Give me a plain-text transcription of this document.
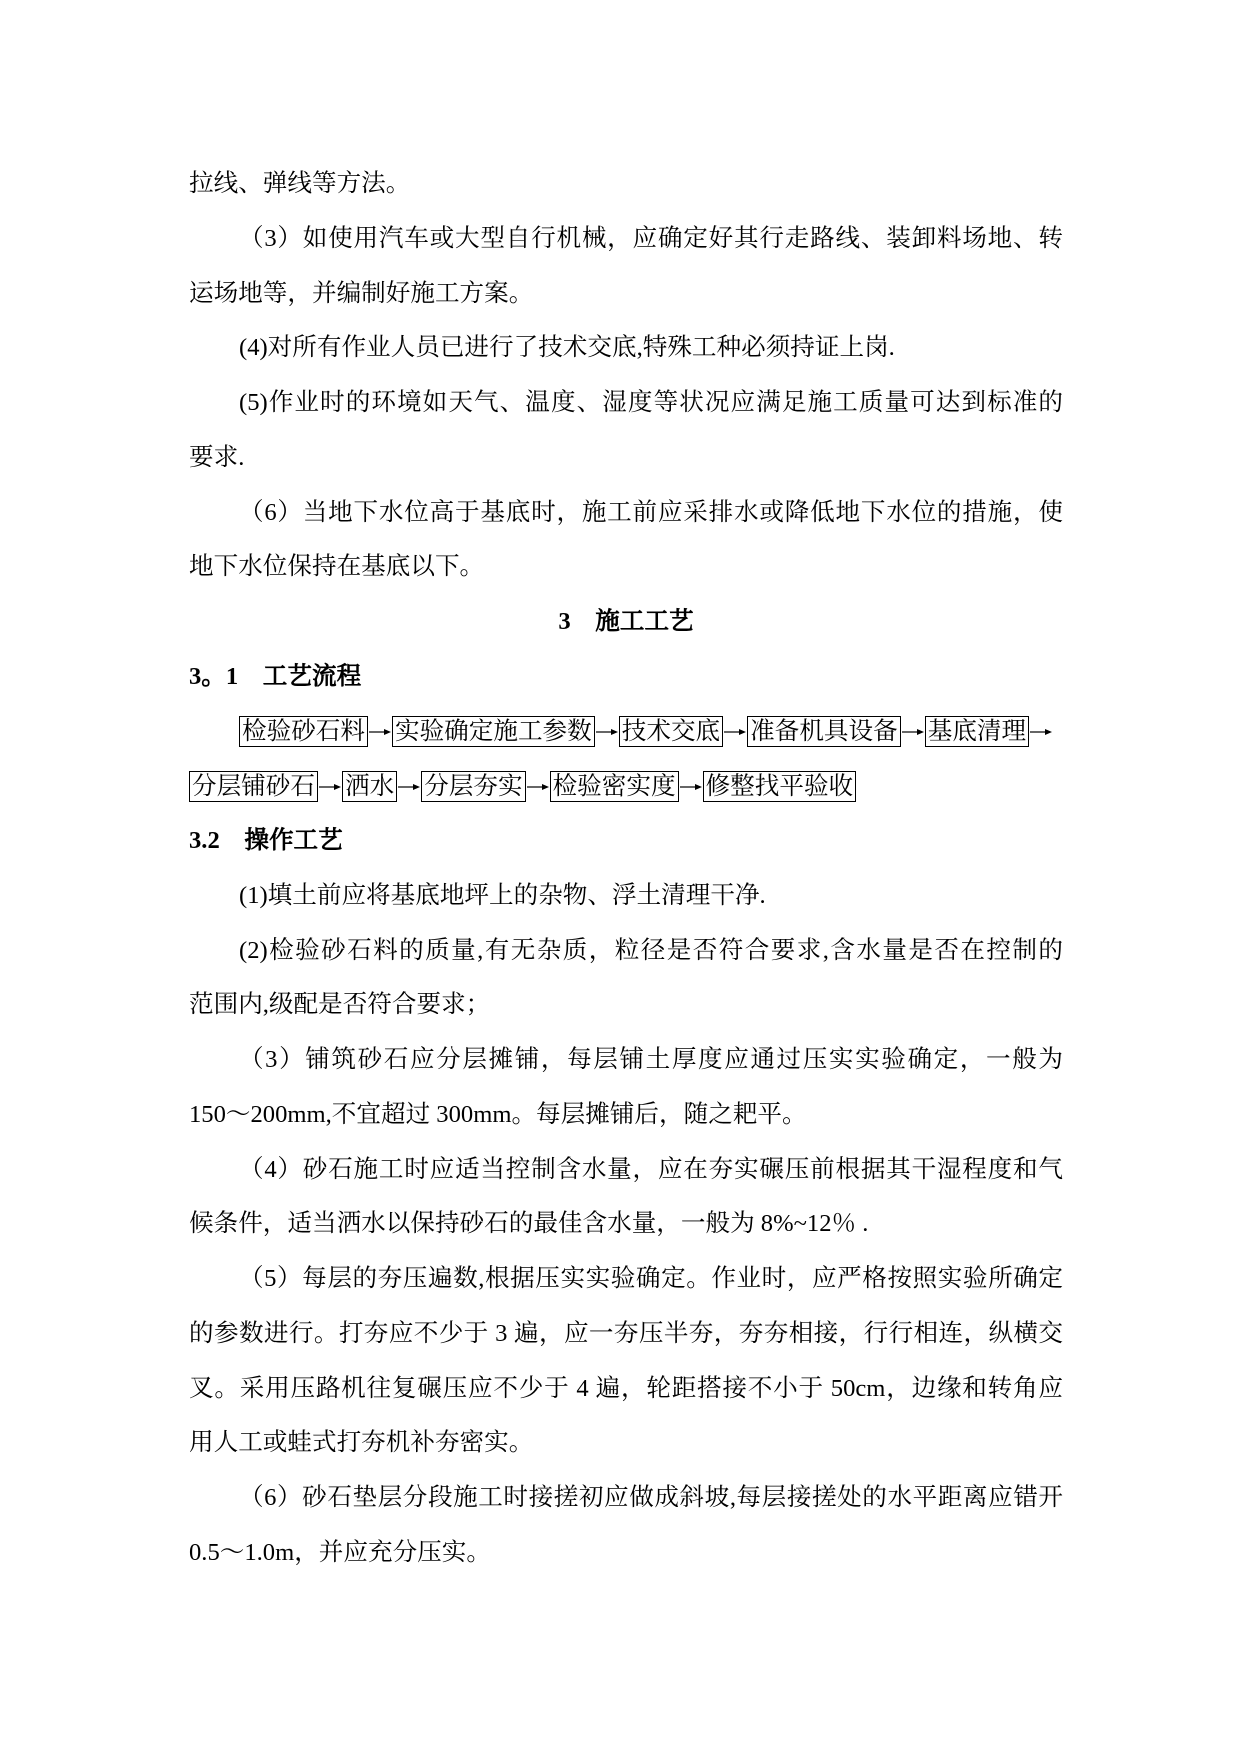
拉线、弹线等方法。
（3）如使用汽车或大型自行机械，应确定好其行走路线、装卸料场地、转
运场地等，并编制好施工方案。
(4)对所有作业人员已进行了技术交底,特殊工种必须持证上岗.
(5)作业时的环境如天气、温度、湿度等状况应满足施工质量可达到标准的
要求.
（6）当地下水位高于基底时，施工前应采排水或降低地下水位的措施，使
地下水位保持在基底以下。
3 施工工艺
3。1 工艺流程
检验砂石料 实验确定施工参数 技术交底 准备机具设备 基底清理
分层铺砂石 洒水 分层夯实 检验密实度 修整找平验收
3.2 操作工艺
(1)填土前应将基底地坪上的杂物、浮土清理干净.
(2)检验砂石料的质量,有无杂质，粒径是否符合要求,含水量是否在控制的
范围内,级配是否符合要求；
（3）铺筑砂石应分层摊铺，每层铺土厚度应通过压实实验确定，一般为
150～200mm,不宜超过 300mm。每层摊铺后，随之耙平。
（4）砂石施工时应适当控制含水量，应在夯实碾压前根据其干湿程度和气
候条件，适当洒水以保持砂石的最佳含水量，一般为 8%~12％ .
（5）每层的夯压遍数,根据压实实验确定。作业时，应严格按照实验所确定
的参数进行。打夯应不少于 3 遍，应一夯压半夯，夯夯相接，行行相连，纵横交
叉。采用压路机往复碾压应不少于 4 遍，轮距搭接不小于 50cm，边缘和转角应
用人工或蛙式打夯机补夯密实。
（6）砂石垫层分段施工时接搓初应做成斜坡,每层接搓处的水平距离应错开
0.5～1.0m，并应充分压实。
